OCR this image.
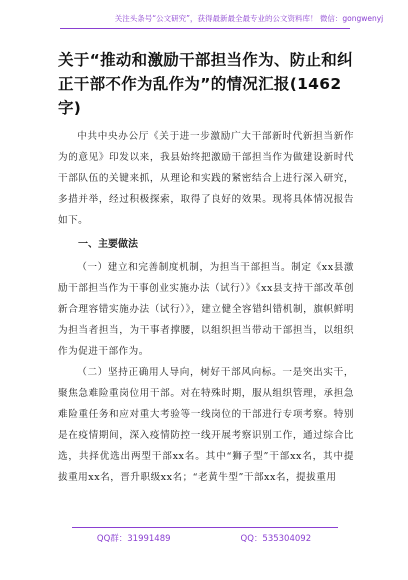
关注头条号“公文研究”，获得最新最全最专业的公文资料库！ 微信：gongwenyj
关于“推动和激励干部担当作为、防止和纠正干部不作为乱作为”的情况汇报(1462字)

中共中央办公厅《关于进一步激励广大干部新时代新担当新作为的意见》印发以来，我县始终把激励干部担当作为做建设新时代干部队伍的关键来抓，从理论和实践的紧密结合上进行深入研究，多措并举，经过积极探索，取得了良好的效果。现将具体情况报告如下。

一、主要做法

（一）建立和完善制度机制，为担当干部担当。制定《xx县激励干部担当作为干事创业实施办法（试行）》《xx县支持干部改革创新合理容错实施办法（试行）》，建立健全容错纠错机制，旗帜鲜明为担当者担当，为干事者撑腰，以组织担当带动干部担当，以组织作为促进干部作为。

（二）坚持正确用人导向，树好干部风向标。一是突出实干，聚焦急难险重岗位用干部。对在特殊时期，服从组织管理，承担急难险重任务和应对重大考验等一线岗位的干部进行专项考察。特别是在疫情期间，深入疫情防控一线开展考察识别工作，通过综合比选，共择优选出两型干部xx名。其中“狮子型”干部xx名，其中提拔重用xx名，晋升职级xx名；“老黄牛型”干部xx名，提拔重用

QQ群：31991489	QQ：535304092
